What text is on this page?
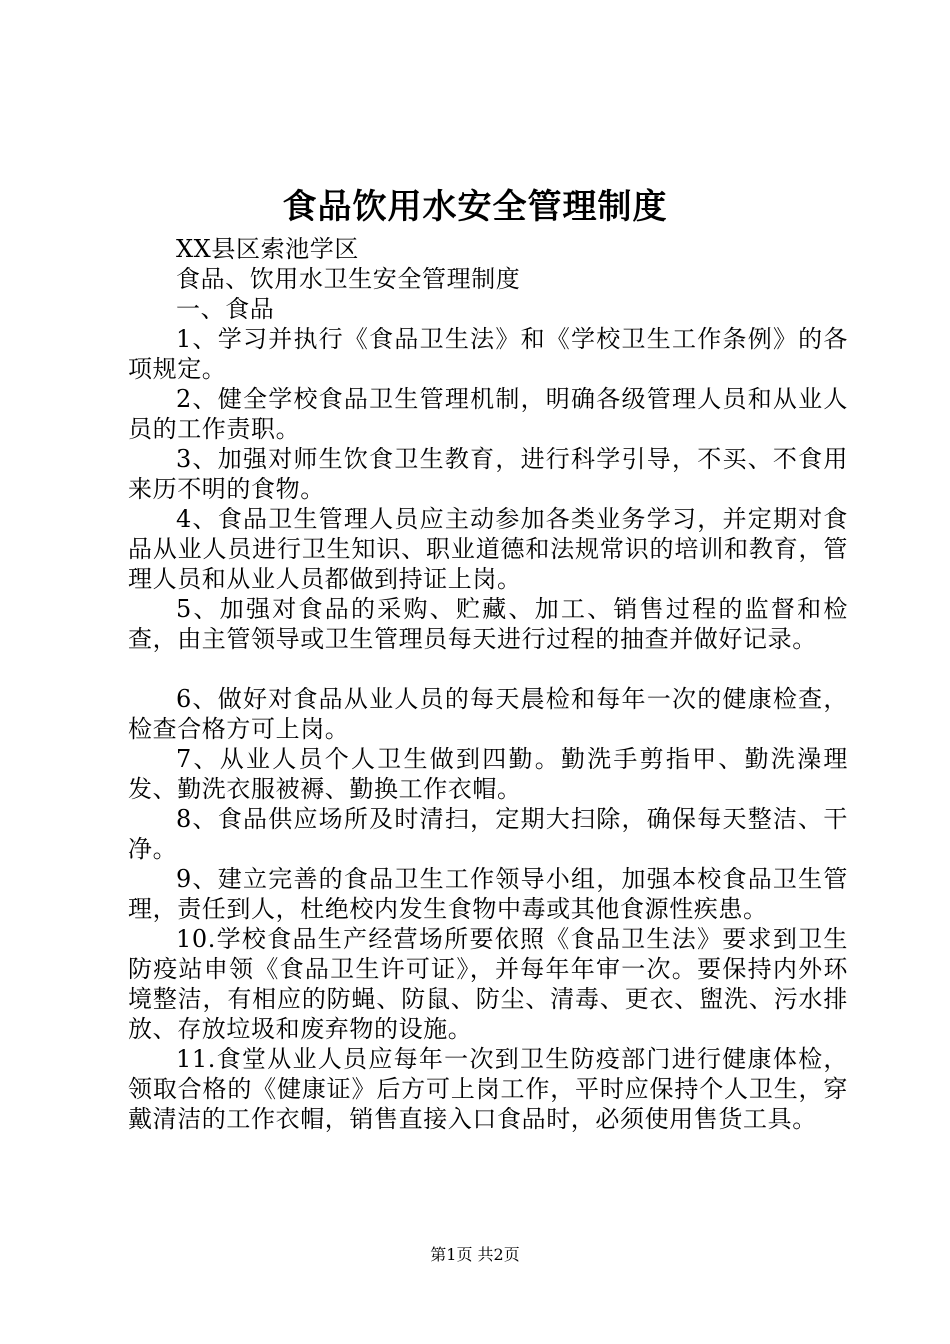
食品饮用水安全管理制度

XX县区索池学区

食品、饮用水卫生安全管理制度

一、食品

1、学习并执行《食品卫生法》和《学校卫生工作条例》的各项规定。

2、健全学校食品卫生管理机制，明确各级管理人员和从业人员的工作责职。

3、加强对师生饮食卫生教育，进行科学引导，不买、不食用来历不明的食物。

4、食品卫生管理人员应主动参加各类业务学习，并定期对食品从业人员进行卫生知识、职业道德和法规常识的培训和教育，管理人员和从业人员都做到持证上岗。

5、加强对食品的采购、贮藏、加工、销售过程的监督和检查，由主管领导或卫生管理员每天进行过程的抽查并做好记录。

6、做好对食品从业人员的每天晨检和每年一次的健康检查，检查合格方可上岗。

7、从业人员个人卫生做到四勤。勤洗手剪指甲、勤洗澡理发、勤洗衣服被褥、勤换工作衣帽。

8、食品供应场所及时清扫，定期大扫除，确保每天整洁、干净。

9、建立完善的食品卫生工作领导小组，加强本校食品卫生管理，责任到人，杜绝校内发生食物中毒或其他食源性疾患。

10.学校食品生产经营场所要依照《食品卫生法》要求到卫生防疫站申领《食品卫生许可证》，并每年年审一次。要保持内外环境整洁，有相应的防蝇、防鼠、防尘、清毒、更衣、盥洗、污水排放、存放垃圾和废弃物的设施。

11.食堂从业人员应每年一次到卫生防疫部门进行健康体检，领取合格的《健康证》后方可上岗工作，平时应保持个人卫生，穿戴清洁的工作衣帽，销售直接入口食品时，必须使用售货工具。

第1页 共2页
